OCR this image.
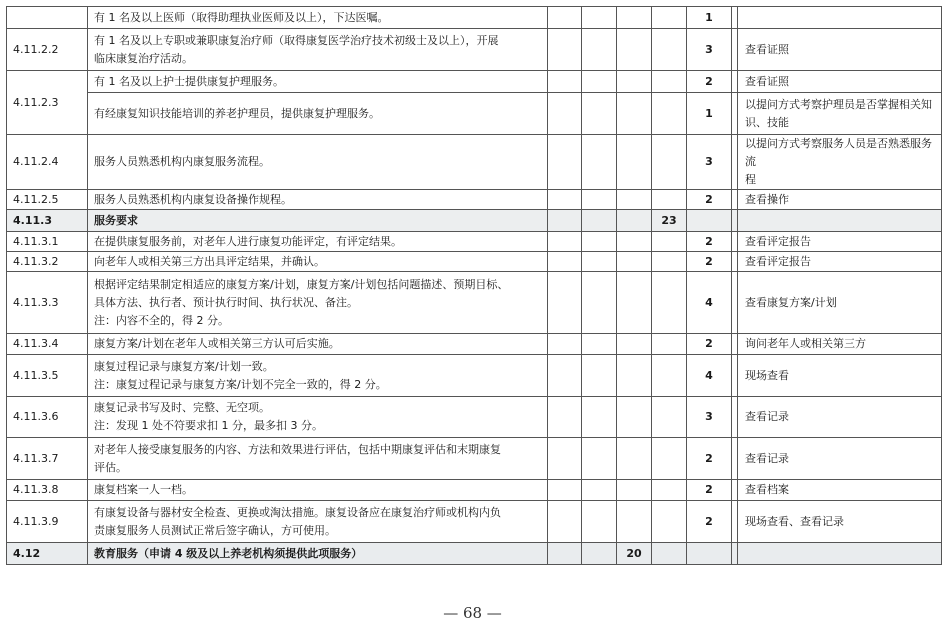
	有 1 名及以上医师（取得助理执业医师及以上），下达医嘱。					1		
4.11.2.2	有 1 名及以上专职或兼职康复治疗师（取得康复医学治疗技术初级士及以上），开展
临床康复治疗活动。					3		查看证照

4.11.2.3	有 1 名及以上护士提供康复护理服务。					2		查看证照

	有经康复知识技能培训的养老护理员，提供康复护理服务。					1		以提问方式考察护理员是否掌握相关知
识、技能

4.11.2.4	服务人员熟悉机构内康复服务流程。					3		以提问方式考察服务人员是否熟悉服务流
程

4.11.2.5	服务人员熟悉机构内康复设备操作规程。					2		查看操作

4.11.3	服务要求				23			
4.11.3.1	在提供康复服务前，对老年人进行康复功能评定，有评定结果。					2		查看评定报告

4.11.3.2	向老年人或相关第三方出具评定结果，并确认。					2		查看评定报告

4.11.3.3	根据评定结果制定相适应的康复方案/计划，康复方案/计划包括问题描述、预期目标、
具体方法、执行者、预计执行时间、执行状况、备注。
注：内容不全的，得 2 分。					4		查看康复方案/计划

4.11.3.4	康复方案/计划在老年人或相关第三方认可后实施。					2		询问老年人或相关第三方

4.11.3.5	康复过程记录与康复方案/计划一致。
注：康复过程记录与康复方案/计划不完全一致的，得 2 分。					4		现场查看

4.11.3.6	康复记录书写及时、完整、无空项。
注：发现 1 处不符要求扣 1 分，最多扣 3 分。					3		查看记录

4.11.3.7	对老年人接受康复服务的内容、方法和效果进行评估，包括中期康复评估和末期康复
评估。					2		查看记录

4.11.3.8	康复档案一人一档。					2		查看档案

4.11.3.9	有康复设备与器材安全检查、更换或淘汰措施。康复设备应在康复治疗师或机构内负
责康复服务人员测试正常后签字确认，方可使用。					2		现场查看、查看记录

4.12	教育服务（申请 4 级及以上养老机构须提供此项服务）			20				
— 68 —
